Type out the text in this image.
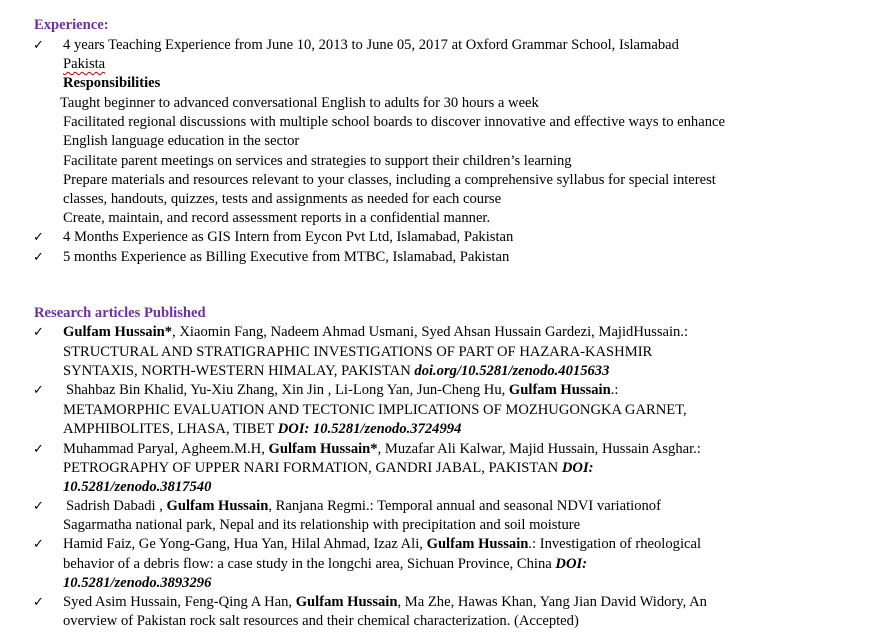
Experience:
✓ 4 years Teaching Experience from June 10, 2013 to June 05, 2017 at Oxford Grammar School, Islamabad
Pakista
Responsibilities
Taught beginner to advanced conversational English to adults for 30 hours a week
Facilitated regional discussions with multiple school boards to discover innovative and effective ways to enhance
English language education in the sector
Facilitate parent meetings on services and strategies to support their children’s learning
Prepare materials and resources relevant to your classes, including a comprehensive syllabus for special interest
classes, handouts, quizzes, tests and assignments as needed for each course
Create, maintain, and record assessment reports in a confidential manner.
✓ 4 Months Experience as GIS Intern from Eycon Pvt Ltd, Islamabad, Pakistan
✓ 5 months Experience as Billing Executive from MTBC, Islamabad, Pakistan
Research articles Published
✓ Gulfam Hussain*, Xiaomin Fang, Nadeem Ahmad Usmani, Syed Ahsan Hussain Gardezi, MajidHussain.:
STRUCTURAL AND STRATIGRAPHIC INVESTIGATIONS OF PART OF HAZARA-KASHMIR
SYNTAXIS, NORTH-WESTERN HIMALAY, PAKISTAN doi.org/10.5281/zenodo.4015633
✓ Shahbaz Bin Khalid, Yu-Xiu Zhang, Xin Jin , Li-Long Yan, Jun-Cheng Hu, Gulfam Hussain.:
METAMORPHIC EVALUATION AND TECTONIC IMPLICATIONS OF MOZHUGONGKA GARNET,
AMPHIBOLITES, LHASA, TIBET DOI: 10.5281/zenodo.3724994
✓ Muhammad Paryal, Agheem.M.H, Gulfam Hussain*, Muzafar Ali Kalwar, Majid Hussain, Hussain Asghar.:
PETROGRAPHY OF UPPER NARI FORMATION, GANDRI JABAL, PAKISTAN DOI:
10.5281/zenodo.3817540
✓ Sadrish Dabadi , Gulfam Hussain, Ranjana Regmi.: Temporal annual and seasonal NDVI variationof
Sagarmatha national park, Nepal and its relationship with precipitation and soil moisture
✓ Hamid Faiz, Ge Yong-Gang, Hua Yan, Hilal Ahmad, Izaz Ali, Gulfam Hussain.: Investigation of rheological
behavior of a debris flow: a case study in the longchi area, Sichuan Province, China DOI:
10.5281/zenodo.3893296
✓ Syed Asim Hussain, Feng-Qing A Han, Gulfam Hussain, Ma Zhe, Hawas Khan, Yang Jian David Widory, An
overview of Pakistan rock salt resources and their chemical characterization. (Accepted)
